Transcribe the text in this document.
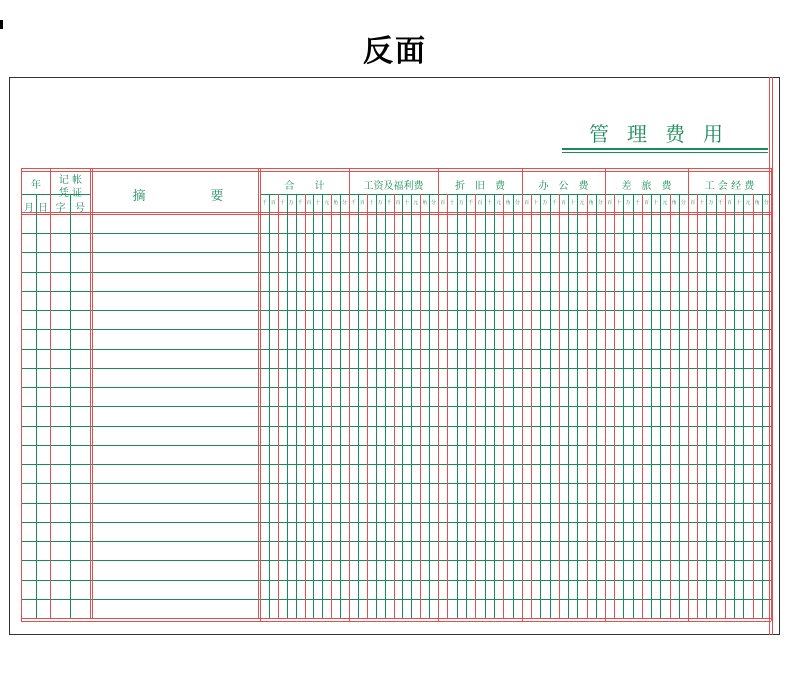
反面
管理费用
年
月 日
记 帐
凭 证
字 号
摘	要
合　　计
千 百 十 万 千 百 十 元 角 分
工资及福利费
千 百 十 万 千 百 十 元 角 分
折　旧　费
百 十 万 千 百 十 元 角 分
办　公　费
百 十 万 千 百 十 元 角 分
差　旅　费
百 十 万 千 百 十 元 角 分
工 会 经 费
百 十 万 千 百 十 元 角 分
